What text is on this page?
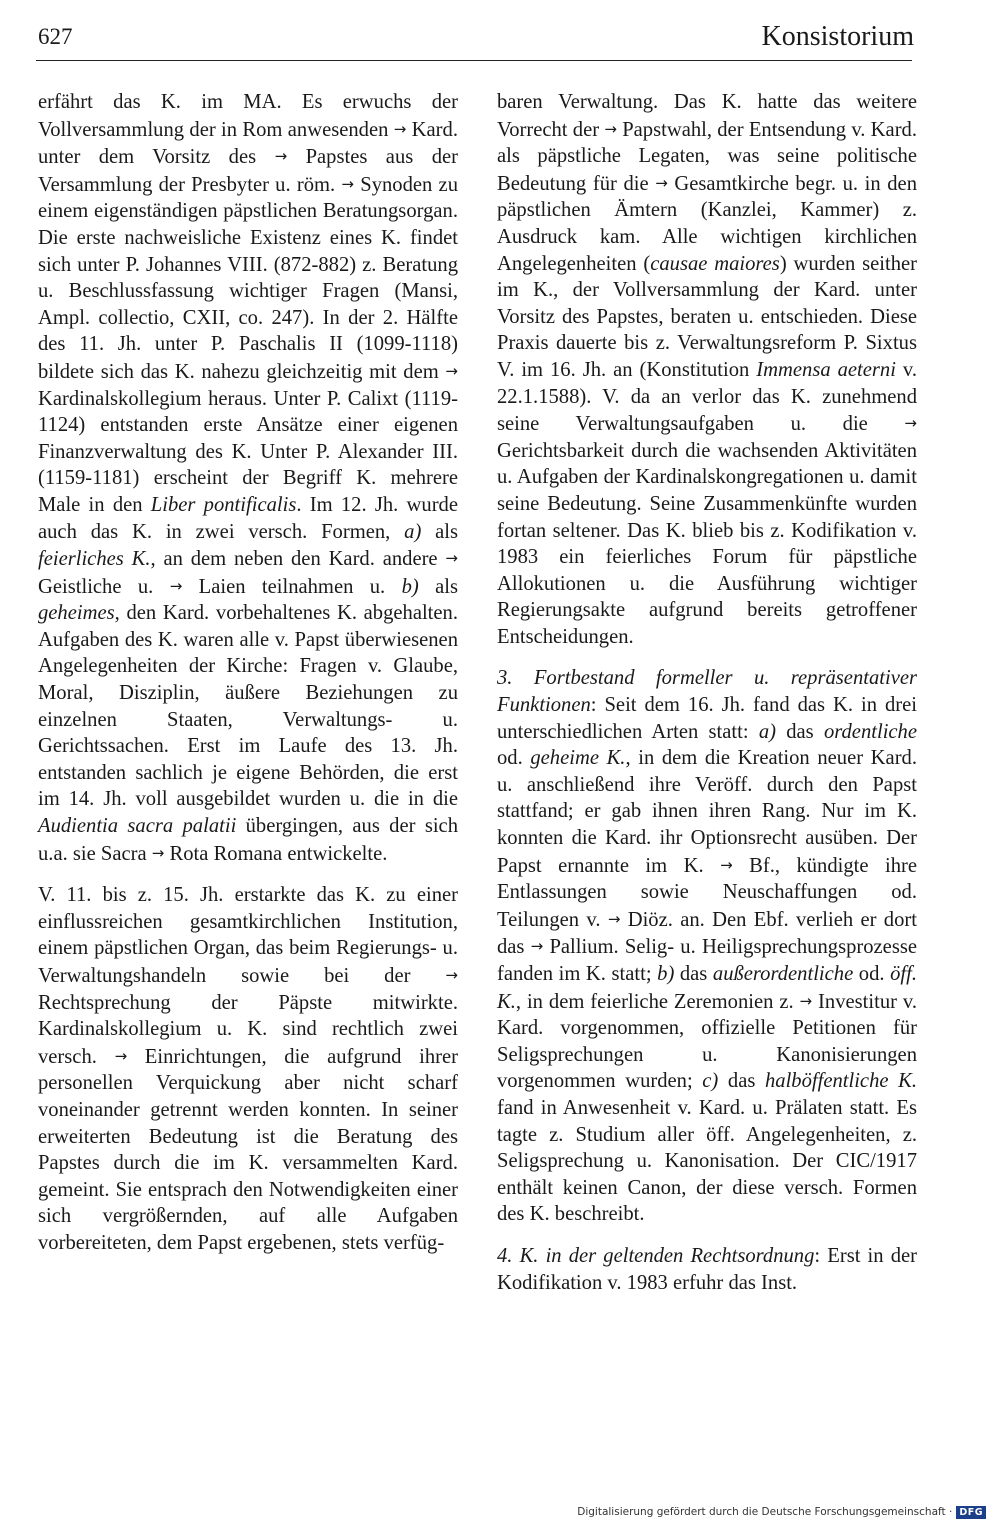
627	Konsistorium

erfährt das K. im MA. Es erwuchs der Vollversammlung der in Rom anwesenden → Kard. unter dem Vorsitz des → Papstes aus der Versammlung der Presbyter u. röm. → Synoden zu einem eigenständigen päpstlichen Beratungsorgan. Die erste nachweisliche Existenz eines K. findet sich unter P. Johannes VIII. (872-882) z. Beratung u. Beschlussfassung wichtiger Fragen (Mansi, Ampl. collectio, CXII, co. 247). In der 2. Hälfte des 11. Jh. unter P. Paschalis II (1099-1118) bildete sich das K. nahezu gleichzeitig mit dem → Kardinalskollegium heraus. Unter P. Calixt (1119-1124) entstanden erste Ansätze einer eigenen Finanzverwaltung des K. Unter P. Alexander III. (1159-1181) erscheint der Begriff K. mehrere Male in den Liber pontificalis. Im 12. Jh. wurde auch das K. in zwei versch. Formen, a) als feierliches K., an dem neben den Kard. andere → Geistliche u. → Laien teilnahmen u. b) als geheimes, den Kard. vorbehaltenes K. abgehalten. Aufgaben des K. waren alle v. Papst überwiesenen Angelegenheiten der Kirche: Fragen v. Glaube, Moral, Disziplin, äußere Beziehungen zu einzelnen Staaten, Verwaltungs- u. Gerichtssachen. Erst im Laufe des 13. Jh. entstanden sachlich je eigene Behörden, die erst im 14. Jh. voll ausgebildet wurden u. die in die Audientia sacra palatii übergingen, aus der sich u.a. sie Sacra → Rota Romana entwickelte.

V. 11. bis z. 15. Jh. erstarkte das K. zu einer einflussreichen gesamtkirchlichen Institution, einem päpstlichen Organ, das beim Regierungs- u. Verwaltungshandeln sowie bei der → Rechtsprechung der Päpste mitwirkte. Kardinalskollegium u. K. sind rechtlich zwei versch. → Einrichtungen, die aufgrund ihrer personellen Verquickung aber nicht scharf voneinander getrennt werden konnten. In seiner erweiterten Bedeutung ist die Beratung des Papstes durch die im K. versammelten Kard. gemeint. Sie entsprach den Notwendigkeiten einer sich vergrößernden, auf alle Aufgaben vorbereiteten, dem Papst ergebenen, stets verfüg-

baren Verwaltung. Das K. hatte das weitere Vorrecht der → Papstwahl, der Entsendung v. Kard. als päpstliche Legaten, was seine politische Bedeutung für die → Gesamtkirche begr. u. in den päpstlichen Ämtern (Kanzlei, Kammer) z. Ausdruck kam. Alle wichtigen kirchlichen Angelegenheiten (causae maiores) wurden seither im K., der Vollversammlung der Kard. unter Vorsitz des Papstes, beraten u. entschieden. Diese Praxis dauerte bis z. Verwaltungsreform P. Sixtus V. im 16. Jh. an (Konstitution Immensa aeterni v. 22.1.1588). V. da an verlor das K. zunehmend seine Verwaltungsaufgaben u. die → Gerichtsbarkeit durch die wachsenden Aktivitäten u. Aufgaben der Kardinalskongregationen u. damit seine Bedeutung. Seine Zusammenkünfte wurden fortan seltener. Das K. blieb bis z. Kodifikation v. 1983 ein feierliches Forum für päpstliche Allokutionen u. die Ausführung wichtiger Regierungsakte aufgrund bereits getroffener Entscheidungen.

3. Fortbestand formeller u. repräsentativer Funktionen: Seit dem 16. Jh. fand das K. in drei unterschiedlichen Arten statt: a) das ordentliche od. geheime K., in dem die Kreation neuer Kard. u. anschließend ihre Veröff. durch den Papst stattfand; er gab ihnen ihren Rang. Nur im K. konnten die Kard. ihr Optionsrecht ausüben. Der Papst ernannte im K. → Bf., kündigte ihre Entlassungen sowie Neuschaffungen od. Teilungen v. → Diöz. an. Den Ebf. verlieh er dort das → Pallium. Selig- u. Heiligsprechungsprozesse fanden im K. statt; b) das außerordentliche od. öff. K., in dem feierliche Zeremonien z. → Investitur v. Kard. vorgenommen, offizielle Petitionen für Seligsprechungen u. Kanonisierungen vorgenommen wurden; c) das halböffentliche K. fand in Anwesenheit v. Kard. u. Prälaten statt. Es tagte z. Studium aller öff. Angelegenheiten, z. Seligsprechung u. Kanonisation. Der CIC/1917 enthält keinen Canon, der diese versch. Formen des K. beschreibt.

4. K. in der geltenden Rechtsordnung: Erst in der Kodifikation v. 1983 erfuhr das Inst.

Digitalisierung gefördert durch die Deutsche Forschungsgemeinschaft · DFG
